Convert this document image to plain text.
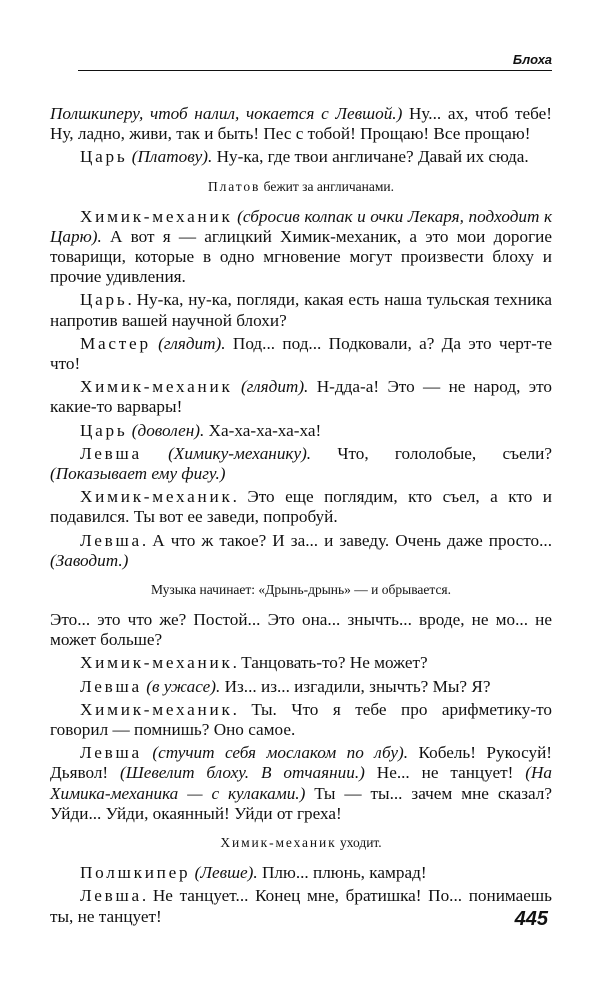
Блоха

Полшкиперу, чтоб налил, чокается с Левшой.) Ну... ах, чтоб тебе! Ну, ладно, живи, так и быть! Пес с тобой! Прощаю! Все прощаю!

Царь (Платову). Ну-ка, где твои англичане? Давай их сюда.

Платов бежит за англичанами.

Химик-механик (сбросив колпак и очки Лекаря, подходит к Царю). А вот я — аглицкий Химик-механик, а это мои дорогие товарищи, которые в одно мгновение могут произвести блоху и прочие удивления.

Царь. Ну-ка, ну-ка, погляди, какая есть наша тульская техника напротив вашей научной блохи?

Мастер (глядит). Под... под... Подковали, а? Да это черт-те что!

Химик-механик (глядит). Н-дда-а! Это — не народ, это какие-то варвары!

Царь (доволен). Ха-ха-ха-ха-ха!

Левша (Химику-механику). Что, гололобые, съели? (Показывает ему фигу.)

Химик-механик. Это еще поглядим, кто съел, а кто и подавился. Ты вот ее заведи, попробуй.

Левша. А что ж такое? И за... и заведу. Очень даже просто... (Заводит.)

Музыка начинает: «Дрынь-дрынь» — и обрывается.

Это... это что же? Постой... Это она... знычть... вроде, не мо... не может больше?

Химик-механик. Танцовать-то? Не может?

Левша (в ужасе). Из... из... изгадили, знычть? Мы? Я?

Химик-механик. Ты. Что я тебе про арифметику-то говорил — помнишь? Оно самое.

Левша (стучит себя мослаком по лбу). Кобель! Рукосуй! Дьявол! (Шевелит блоху. В отчаянии.) Не... не танцует! (На Химика-механика — с кулаками.) Ты — ты... зачем мне сказал? Уйди... Уйди, окаянный! Уйди от греха!

Химик-механик уходит.

Полшкипер (Левше). Плю... плюнь, камрад!

Левша. Не танцует... Конец мне, братишка! По... понимаешь ты, не танцует!	445
